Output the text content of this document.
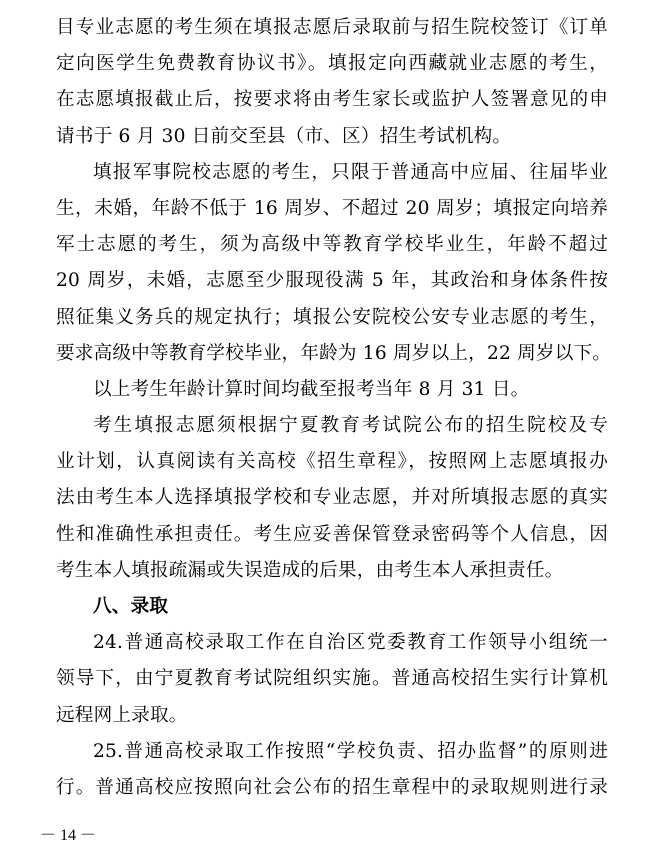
目专业志愿的考生须在填报志愿后录取前与招生院校签订《订单
定向医学生免费教育协议书》。填报定向西藏就业志愿的考生，
在志愿填报截止后，按要求将由考生家长或监护人签署意见的申
请书于 6 月 30 日前交至县（市、区）招生考试机构。
填报军事院校志愿的考生，只限于普通高中应届、往届毕业
生，未婚，年龄不低于 16 周岁、不超过 20 周岁；填报定向培养
军士志愿的考生，须为高级中等教育学校毕业生，年龄不超过
20 周岁，未婚，志愿至少服现役满 5 年，其政治和身体条件按
照征集义务兵的规定执行；填报公安院校公安专业志愿的考生，
要求高级中等教育学校毕业，年龄为 16 周岁以上，22 周岁以下。
以上考生年龄计算时间均截至报考当年 8 月 31 日。
考生填报志愿须根据宁夏教育考试院公布的招生院校及专
业计划，认真阅读有关高校《招生章程》，按照网上志愿填报办
法由考生本人选择填报学校和专业志愿，并对所填报志愿的真实
性和准确性承担责任。考生应妥善保管登录密码等个人信息，因
考生本人填报疏漏或失误造成的后果，由考生本人承担责任。
八、录取
24.普通高校录取工作在自治区党委教育工作领导小组统一
领导下，由宁夏教育考试院组织实施。普通高校招生实行计算机
远程网上录取。
25.普通高校录取工作按照“学校负责、招办监督”的原则进
行。普通高校应按照向社会公布的招生章程中的录取规则进行录
－ 14 －
